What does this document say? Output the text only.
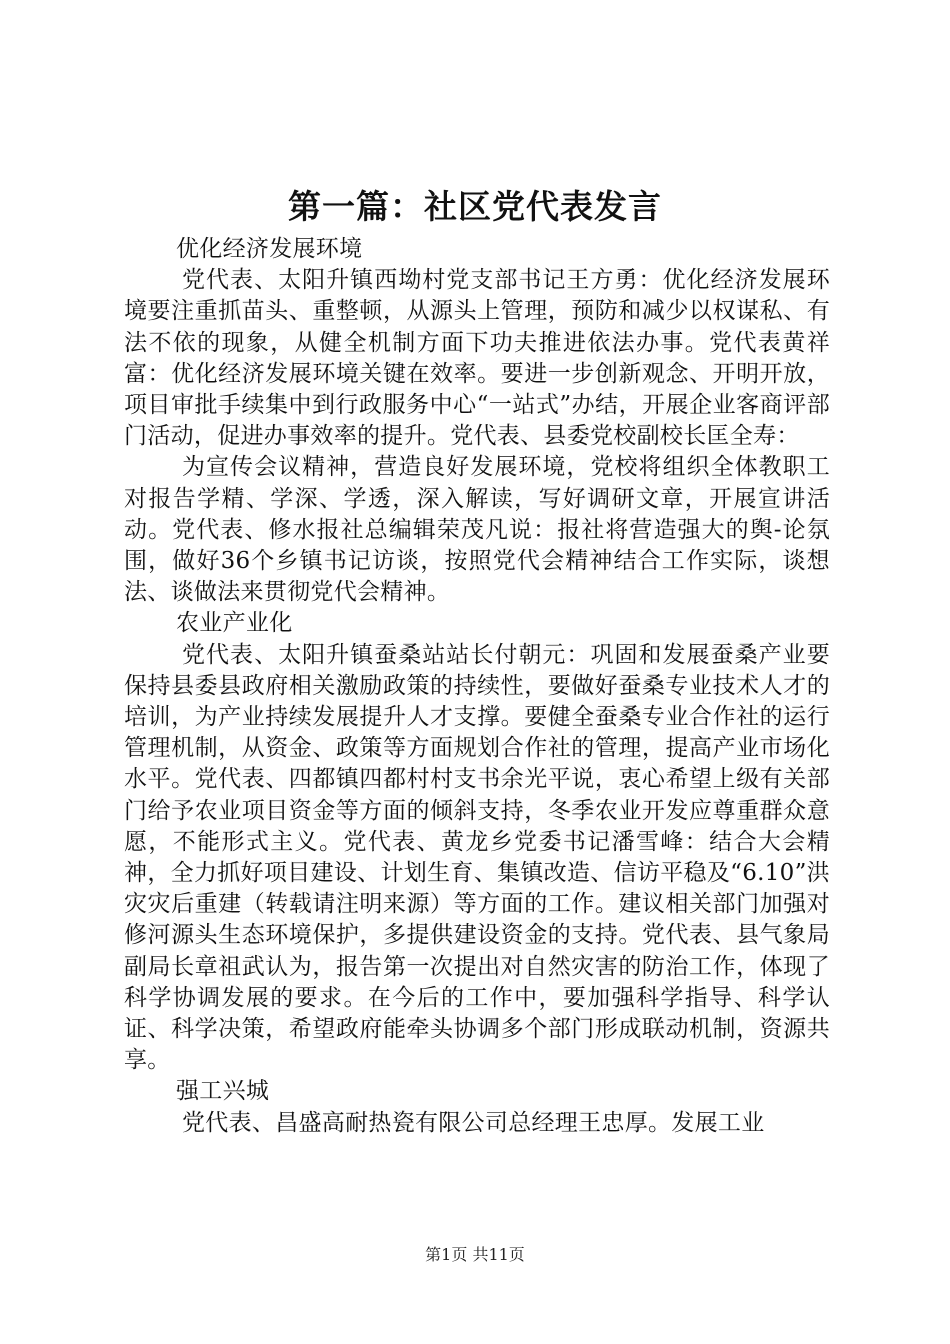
第一篇：社区党代表发言

优化经济发展环境

党代表、太阳升镇西坳村党支部书记王方勇：优化经济发展环境要注重抓苗头、重整顿，从源头上管理，预防和减少以权谋私、有法不依的现象，从健全机制方面下功夫推进依法办事。党代表黄祥富：优化经济发展环境关键在效率。要进一步创新观念、开明开放，项目审批手续集中到行政服务中心“一站式”办结，开展企业客商评部门活动，促进办事效率的提升。党代表、县委党校副校长匡全寿：

为宣传会议精神，营造良好发展环境，党校将组织全体教职工对报告学精、学深、学透，深入解读，写好调研文章，开展宣讲活动。党代表、修水报社总编辑荣茂凡说：报社将营造强大的舆-论氛围，做好36个乡镇书记访谈，按照党代会精神结合工作实际，谈想法、谈做法来贯彻党代会精神。

农业产业化

党代表、太阳升镇蚕桑站站长付朝元：巩固和发展蚕桑产业要保持县委县政府相关激励政策的持续性，要做好蚕桑专业技术人才的培训，为产业持续发展提升人才支撑。要健全蚕桑专业合作社的运行管理机制，从资金、政策等方面规划合作社的管理，提高产业市场化水平。党代表、四都镇四都村村支书余光平说，衷心希望上级有关部门给予农业项目资金等方面的倾斜支持，冬季农业开发应尊重群众意愿，不能形式主义。党代表、黄龙乡党委书记潘雪峰：结合大会精神，全力抓好项目建设、计划生育、集镇改造、信访平稳及“6.10”洪灾灾后重建（转载请注明来源）等方面的工作。建议相关部门加强对修河源头生态环境保护，多提供建设资金的支持。党代表、县气象局副局长章祖武认为，报告第一次提出对自然灾害的防治工作，体现了科学协调发展的要求。在今后的工作中，要加强科学指导、科学认证、科学决策，希望政府能牵头协调多个部门形成联动机制，资源共享。

强工兴城

党代表、昌盛高耐热瓷有限公司总经理王忠厚。发展工业

第1页 共11页
